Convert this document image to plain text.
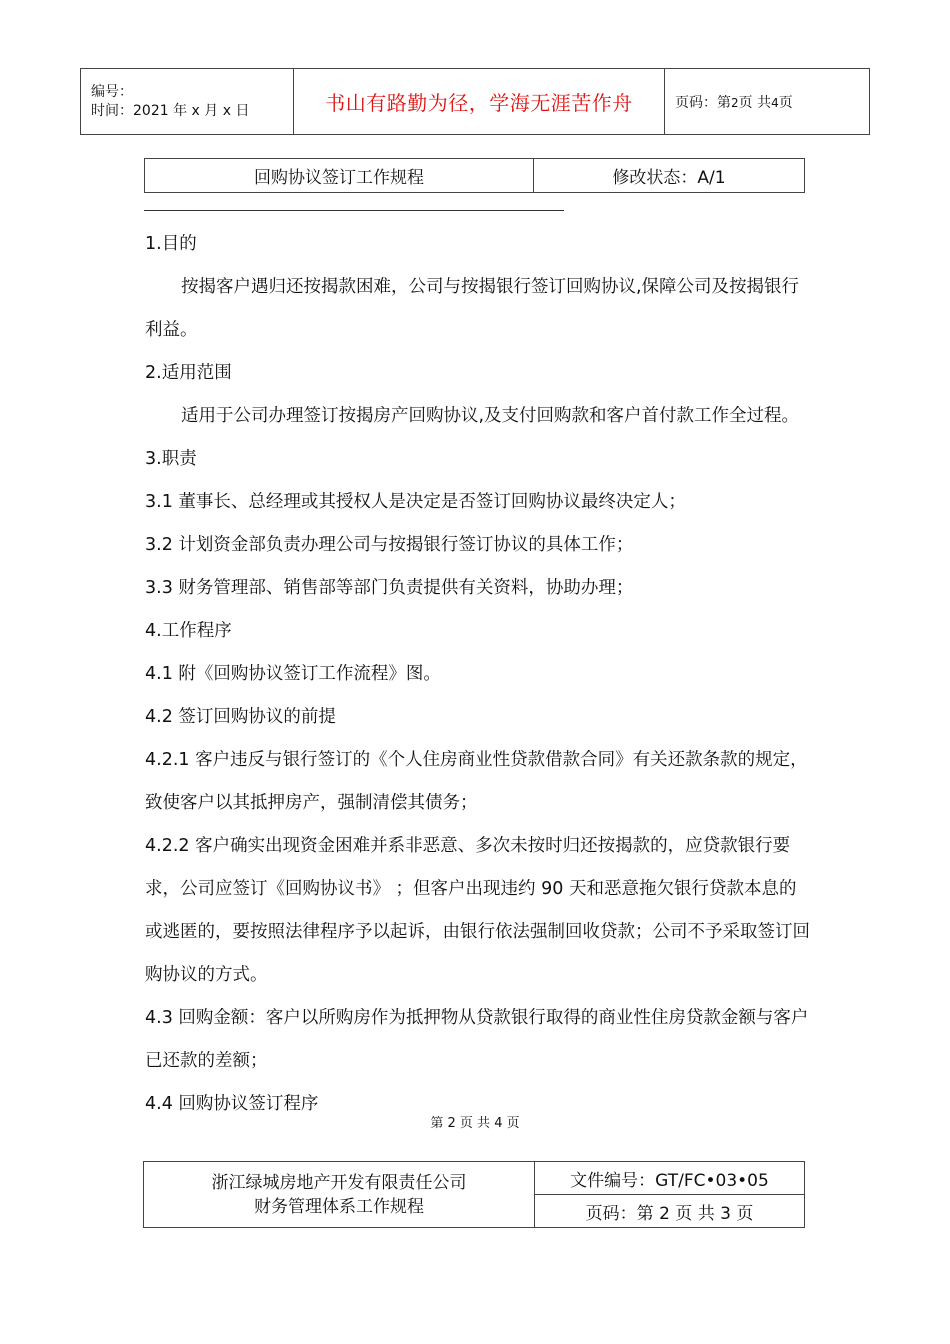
编号：
时间：2021 年 x 月 x 日	书山有路勤为径，学海无涯苦作舟	页码：第2页 共4页
回购协议签订工作规程	修改状态：A/1

1.目的

按揭客户遇归还按揭款困难，公司与按揭银行签订回购协议,保障公司及按揭银行利益。

2.适用范围

适用于公司办理签订按揭房产回购协议,及支付回购款和客户首付款工作全过程。

3.职责

3.1 董事长、总经理或其授权人是决定是否签订回购协议最终决定人；

3.2 计划资金部负责办理公司与按揭银行签订协议的具体工作；

3.3 财务管理部、销售部等部门负责提供有关资料，协助办理；

4.工作程序

4.1 附《回购协议签订工作流程》图。

4.2 签订回购协议的前提

4.2.1 客户违反与银行签订的《个人住房商业性贷款借款合同》有关还款条款的规定，致使客户以其抵押房产，强制清偿其债务；

4.2.2 客户确实出现资金困难并系非恶意、多次未按时归还按揭款的，应贷款银行要求，公司应签订《回购协议书》 ；但客户出现违约 90 天和恶意拖欠银行贷款本息的或逃匿的，要按照法律程序予以起诉，由银行依法强制回收贷款；公司不予采取签订回购协议的方式。

4.3 回购金额：客户以所购房作为抵押物从贷款银行取得的商业性住房贷款金额与客户已还款的差额；

4.4 回购协议签订程序

第 2 页 共 4 页
浙江绿城房地产开发有限责任公司
财务管理体系工作规程
	文件编号：GT/FC•03•05
页码：第 2 页 共 3 页
